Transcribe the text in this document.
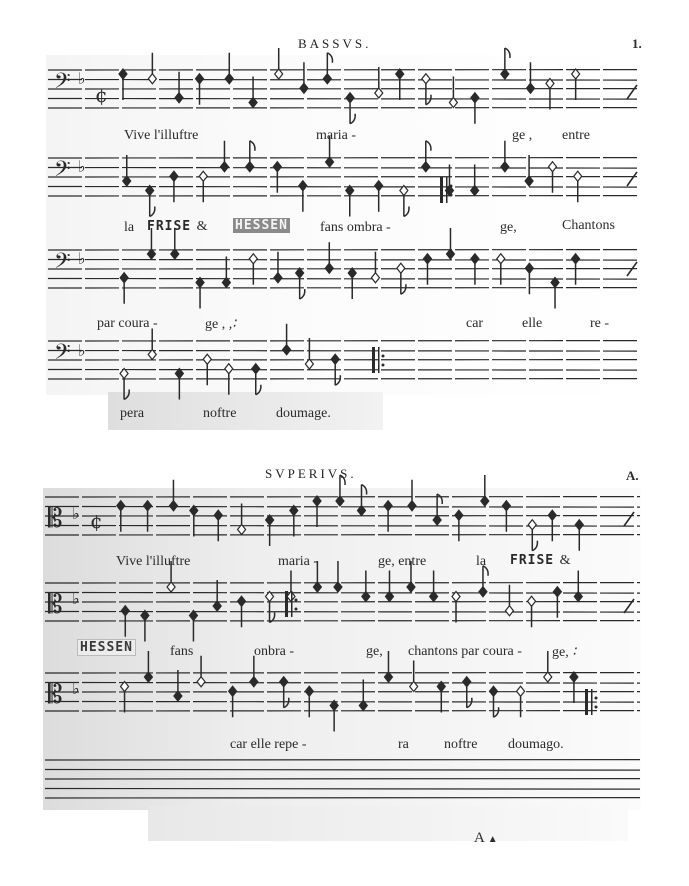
BASSVS.	1.
SVPERIVS.	A.
A ▲
𝄢
𝄢
𝄢
𝄢
𝄡
𝄡
𝄡
♭
♭
♭
♭
♭
♭
♭
¢
¢
Vive l'illuftre	maria -	ge , entre
la FRISE & HESSEN fans ombra -	ge,	Chantons
par coura -	ge , ,∶	car	elle	re -
pera	noftre	doumage.
Vive l'illuftre	maria -	ge, entre	la FRISE &
HESSEN	fans	onbra -	ge, chantons par coura - ge, ∶
car elle repe -	ra	noftre doumago.
